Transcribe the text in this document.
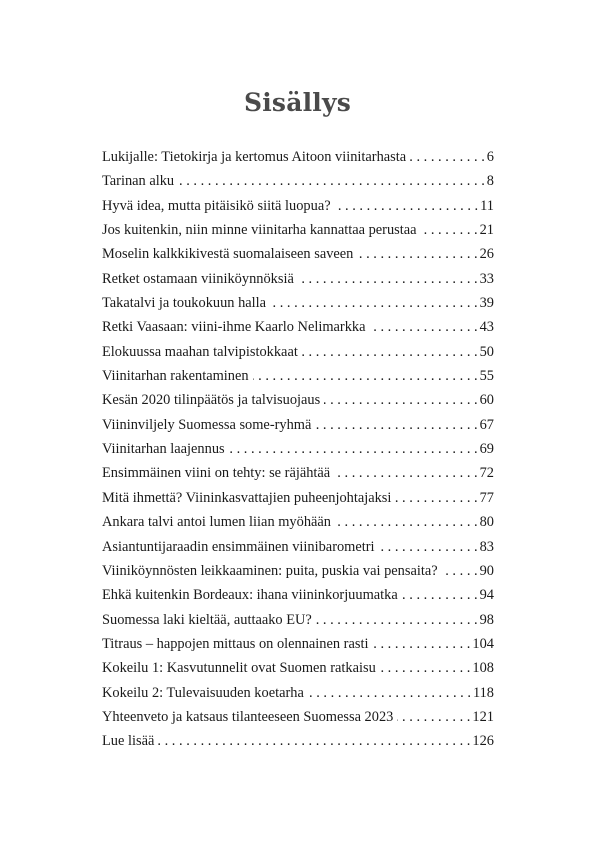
Sisällys
Lukijalle: Tietokirja ja kertomus Aitoon viinitarhasta . . .	6
Tarinan alku . . .	8
Hyvä idea, mutta pitäisikö siitä luopua? . . .	11
Jos kuitenkin, niin minne viinitarha kannattaa perustaa . . .	21
Moselin kalkkikivestä suomalaiseen saveen . . .	26
Retket ostamaan viiniköynnöksiä . . .	33
Takatalvi ja toukokuun halla . . .	39
Retki Vaasaan: viini-ihme Kaarlo Nelimarkka . . .	43
Elokuussa maahan talvipistokkaat . . .	50
Viinitarhan rakentaminen . . .	55
Kesän 2020 tilinpäätös ja talvisuojaus . . .	60
Viininviljely Suomessa some-ryhmä . . .	67
Viinitarhan laajennus . . .	69
Ensimmäinen viini on tehty: se räjähtää . . .	72
Mitä ihmettä? Viininkasvattajien puheenjohtajaksi . . .	77
Ankara talvi antoi lumen liian myöhään . . .	80
Asiantuntijaraadin ensimmäinen viinibarometri . . .	83
Viiniköynnösten leikkaaminen: puita, puskia vai pensaita? . . .	90
Ehkä kuitenkin Bordeaux: ihana viininkorjuumatka . . .	94
Suomessa laki kieltää, auttaako EU? . . .	98
Titraus – happojen mittaus on olennainen rasti . . .	104
Kokeilu 1: Kasvutunnelit ovat Suomen ratkaisu . . .	108
Kokeilu 2: Tulevaisuuden koetarha . . .	118
Yhteenveto ja katsaus tilanteeseen Suomessa 2023 . . .	121
Lue lisää . . .	126
